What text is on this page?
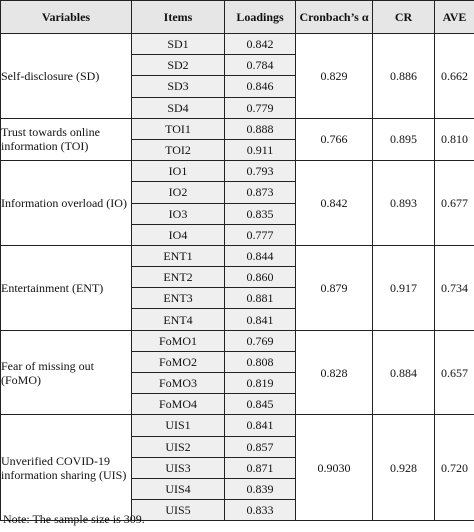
Variables	Items	Loadings	Cronbach’s α	CR	AVE
Self-disclosure (SD)	SD1	0.842	0.829	0.886	0.662
	SD2	0.784			
	SD3	0.846			
	SD4	0.779			
Trust towards online information (TOI)	TOI1	0.888	0.766	0.895	0.810
	TOI2	0.911			
Information overload (IO)	IO1	0.793	0.842	0.893	0.677
	IO2	0.873			
	IO3	0.835			
	IO4	0.777			
Entertainment (ENT)	ENT1	0.844	0.879	0.917	0.734
	ENT2	0.860			
	ENT3	0.881			
	ENT4	0.841			
Fear of missing out (FoMO)	FoMO1	0.769	0.828	0.884	0.657
	FoMO2	0.808			
	FoMO3	0.819			
	FoMO4	0.845			
Unverified COVID-19 information sharing (UIS)	UIS1	0.841	0.9030	0.928	0.720
	UIS2	0.857			
	UIS3	0.871			
	UIS4	0.839			
	UIS5	0.833			
Note: The sample size is 309.
